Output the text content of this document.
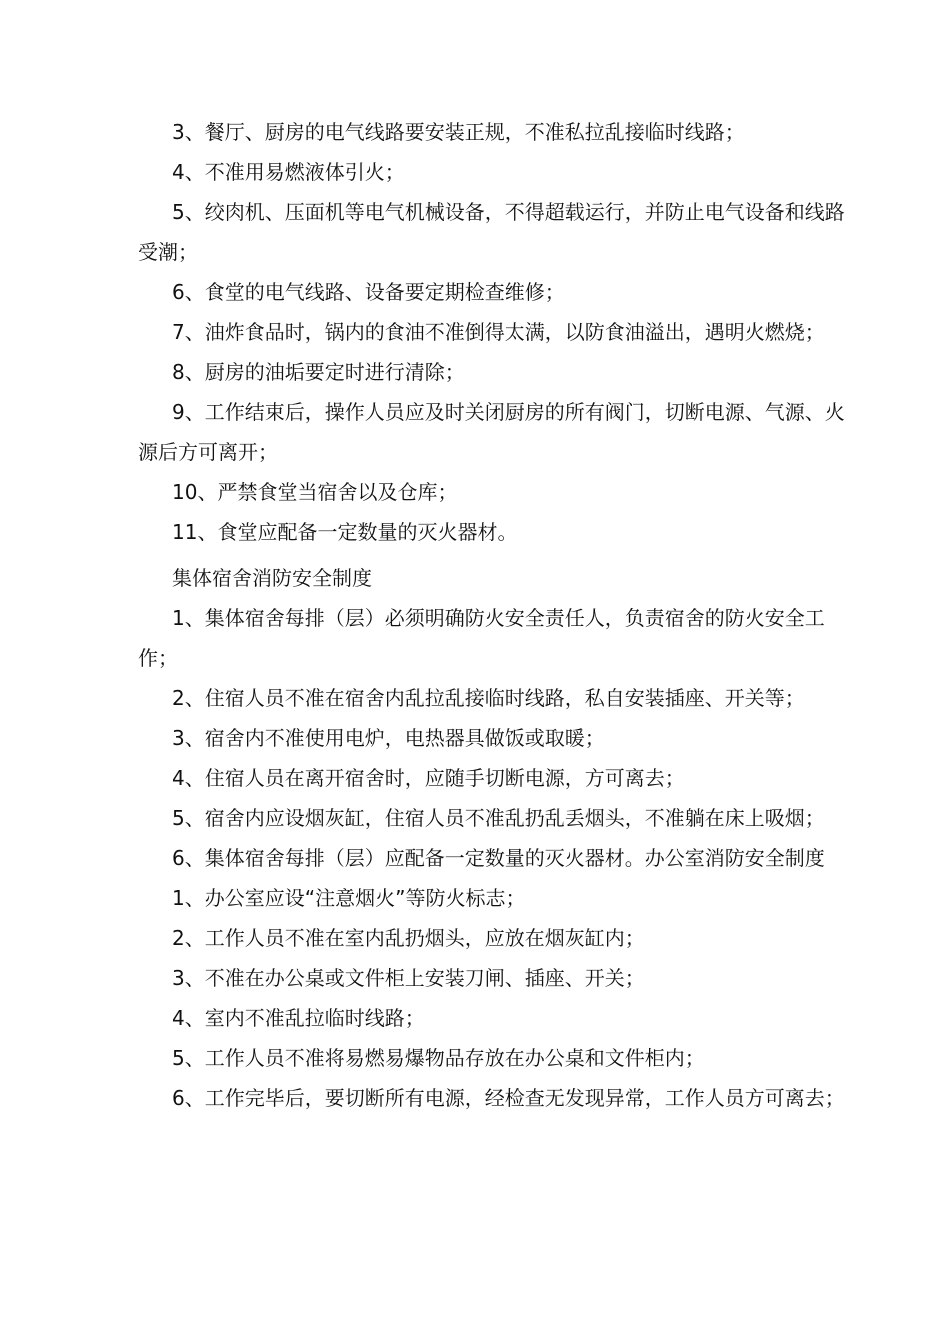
3、餐厅、厨房的电气线路要安装正规，不准私拉乱接临时线路；

4、不准用易燃液体引火；

5、绞肉机、压面机等电气机械设备，不得超载运行，并防止电气设备和线路受潮；

6、食堂的电气线路、设备要定期检查维修；

7、油炸食品时，锅内的食油不准倒得太满，以防食油溢出，遇明火燃烧；

8、厨房的油垢要定时进行清除；

9、工作结束后，操作人员应及时关闭厨房的所有阀门，切断电源、气源、火源后方可离开；

10、严禁食堂当宿舍以及仓库；

11、食堂应配备一定数量的灭火器材。

集体宿舍消防安全制度

1、集体宿舍每排（层）必须明确防火安全责任人，负责宿舍的防火安全工作；

2、住宿人员不准在宿舍内乱拉乱接临时线路，私自安装插座、开关等；

3、宿舍内不准使用电炉，电热器具做饭或取暖；

4、住宿人员在离开宿舍时，应随手切断电源，方可离去；

5、宿舍内应设烟灰缸，住宿人员不准乱扔乱丢烟头，不准躺在床上吸烟；

6、集体宿舍每排（层）应配备一定数量的灭火器材。办公室消防安全制度

1、办公室应设“注意烟火”等防火标志；

2、工作人员不准在室内乱扔烟头，应放在烟灰缸内；

3、不准在办公桌或文件柜上安装刀闸、插座、开关；

4、室内不准乱拉临时线路；

5、工作人员不准将易燃易爆物品存放在办公桌和文件柜内；

6、工作完毕后，要切断所有电源，经检查无发现异常，工作人员方可离去；
